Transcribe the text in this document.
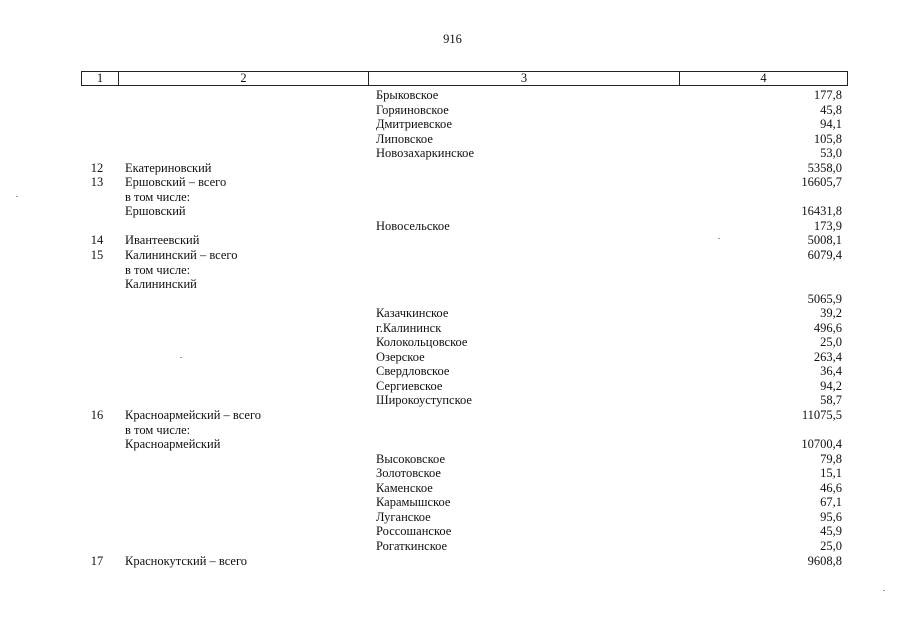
916
1	2	3	4
Брыковское	177,8
Горяиновское	45,8
Дмитриевское	94,1
Липовское	105,8
Новозахаркинское	53,0
12	Екатериновский	5358,0
13	Ершовский – всего	16605,7
в том числе:
Ершовский	16431,8
Новосельское	173,9
14	Ивантеевский	5008,1
15	Калининский – всего	6079,4
в том числе:
Калининский
5065,9
Казачкинское	39,2
г.Калининск	496,6
Колокольцовское	25,0
Озерское	263,4
Свердловское	36,4
Сергиевское	94,2
Широкоуступское	58,7
16	Красноармейский – всего	11075,5
в том числе:
Красноармейский	10700,4
Высоковское	79,8
Золотовское	15,1
Каменское	46,6
Карамышское	67,1
Луганское	95,6
Россошанское	45,9
Рогаткинское	25,0
17	Краснокутский – всего	9608,8
